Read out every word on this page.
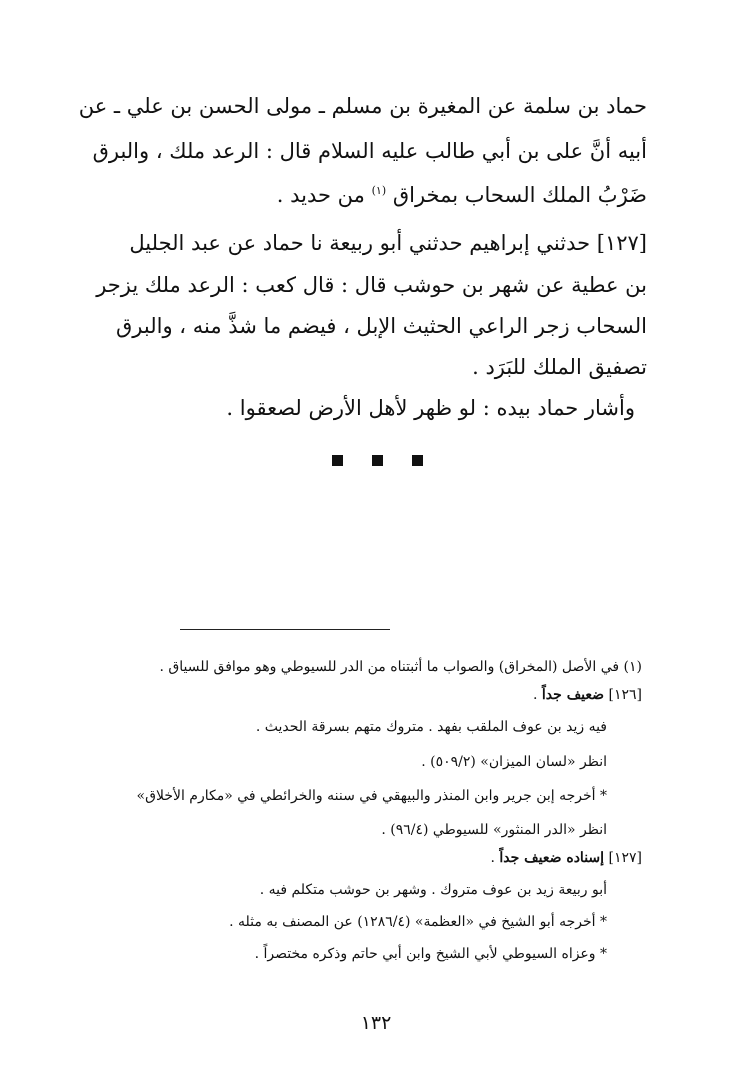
حماد بن سلمة عن المغيرة بن مسلم ـ مولى الحسن بن علي ـ عن
أبيه أنَّ على بن أبي طالب عليه السلام قال : الرعد ملك ، والبرق
ضَرْبُ الملك السحاب بمخراق $^{(١)}$ من حديد .
[١٢٧] حدثني إبراهيم حدثني أبو ربيعة نا حماد عن عبد الجليل
بن عطية عن شهر بن حوشب قال : قال كعب : الرعد ملك يزجر
السحاب زجر الراعي الحثيث الإبل ، فيضم ما شذَّ منه ، والبرق
تصفيق الملك للبَرَد .
وأشار حماد بيده : لو ظهر لأهل الأرض لصعقوا .
(١) في الأصل (المخراق) والصواب ما أثبتناه من الدر للسيوطي وهو موافق للسياق .
[١٢٦] ضعيف جداً .
فيه زيد بن عوف الملقب بفهد . متروك متهم بسرقة الحديث .
انظر «لسان الميزان» (٥٠٩/٢) .
* أخرجه إبن جرير وابن المنذر والبيهقي في سننه والخرائطي في «مكارم الأخلاق»
انظر «الدر المنثور» للسيوطي (٩٦/٤) .
[١٢٧] إسناده ضعيف جداً .
أبو ربيعة زيد بن عوف متروك . وشهر بن حوشب متكلم فيه .
* أخرجه أبو الشيخ في «العظمة» (١٢٨٦/٤) عن المصنف به مثله .
* وعزاه السيوطي لأبي الشيخ وابن أبي حاتم وذكره مختصراً .
١٣٢
